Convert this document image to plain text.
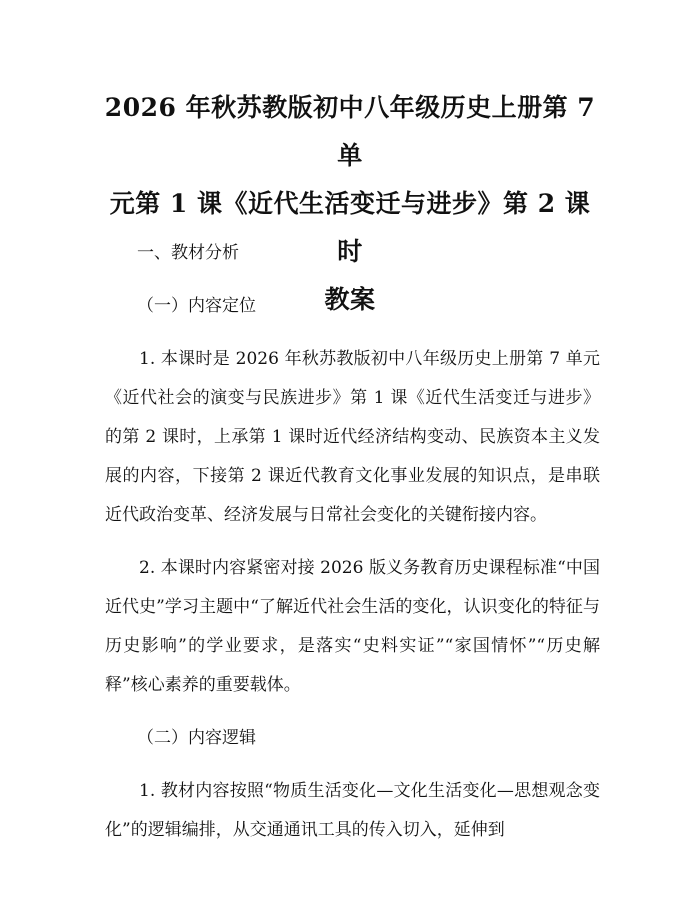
2026 年秋苏教版初中八年级历史上册第 7 单
元第 1 课《近代生活变迁与进步》第 2 课时
教案

一、教材分析

（一）内容定位

1. 本课时是 2026 年秋苏教版初中八年级历史上册第 7 单元《近代社会的演变与民族进步》第 1 课《近代生活变迁与进步》的第 2 课时，上承第 1 课时近代经济结构变动、民族资本主义发展的内容，下接第 2 课近代教育文化事业发展的知识点，是串联近代政治变革、经济发展与日常社会变化的关键衔接内容。

2. 本课时内容紧密对接 2026 版义务教育历史课程标准“中国近代史”学习主题中“了解近代社会生活的变化，认识变化的特征与历史影响”的学业要求，是落实“史料实证”“家国情怀”“历史解释”核心素养的重要载体。

（二）内容逻辑

1. 教材内容按照“物质生活变化—文化生活变化—思想观念变化”的逻辑编排，从交通通讯工具的传入切入，延伸到
